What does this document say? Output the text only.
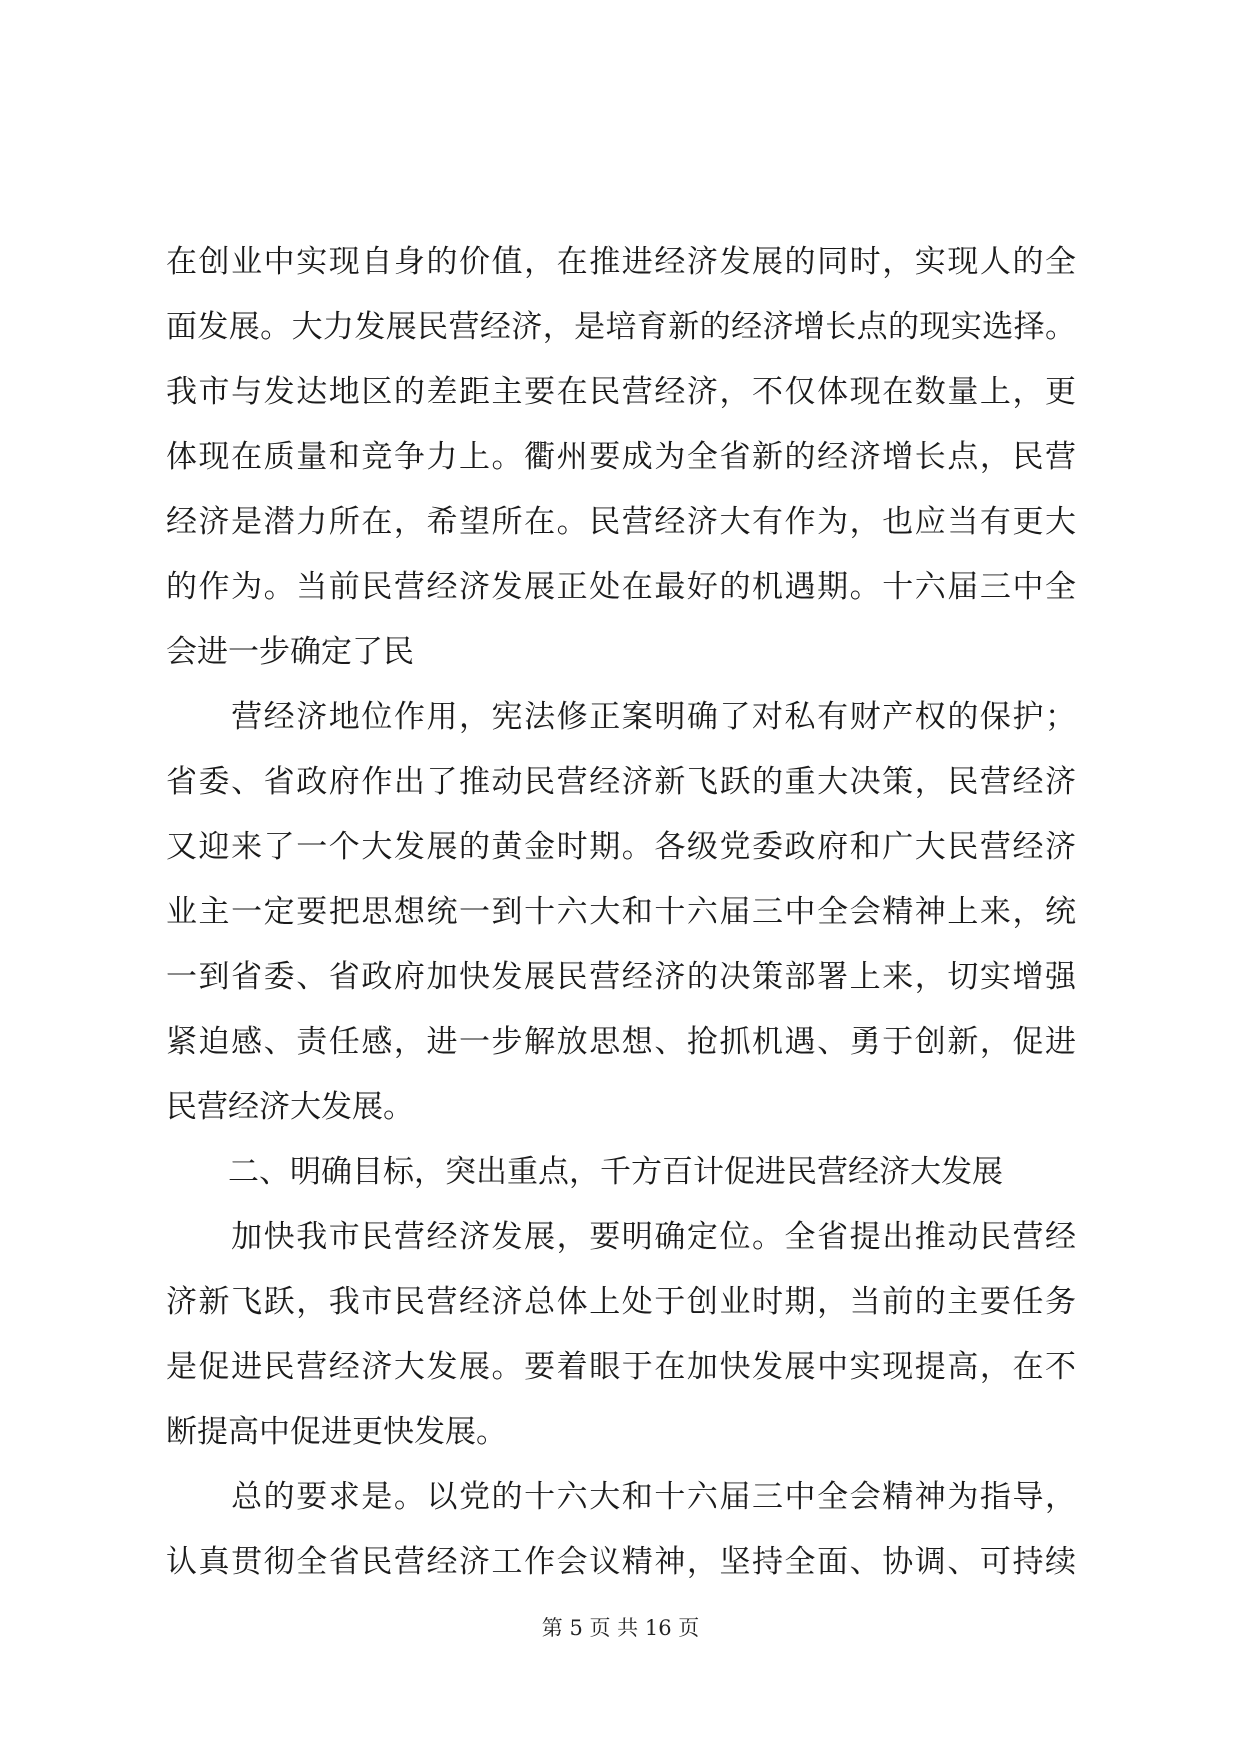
在创业中实现自身的价值，在推进经济发展的同时，实现人的全
面发展。大力发展民营经济，是培育新的经济增长点的现实选择。
我市与发达地区的差距主要在民营经济，不仅体现在数量上，更
体现在质量和竞争力上。衢州要成为全省新的经济增长点，民营
经济是潜力所在，希望所在。民营经济大有作为，也应当有更大
的作为。当前民营经济发展正处在最好的机遇期。十六届三中全
会进一步确定了民
　　营经济地位作用，宪法修正案明确了对私有财产权的保护；
省委、省政府作出了推动民营经济新飞跃的重大决策，民营经济
又迎来了一个大发展的黄金时期。各级党委政府和广大民营经济
业主一定要把思想统一到十六大和十六届三中全会精神上来，统
一到省委、省政府加快发展民营经济的决策部署上来，切实增强
紧迫感、责任感，进一步解放思想、抢抓机遇、勇于创新，促进
民营经济大发展。
　　二、明确目标，突出重点，千方百计促进民营经济大发展
　　加快我市民营经济发展，要明确定位。全省提出推动民营经
济新飞跃，我市民营经济总体上处于创业时期，当前的主要任务
是促进民营经济大发展。要着眼于在加快发展中实现提高，在不
断提高中促进更快发展。
　　总的要求是。以党的十六大和十六届三中全会精神为指导，
认真贯彻全省民营经济工作会议精神，坚持全面、协调、可持续
第 5 页 共 16 页
